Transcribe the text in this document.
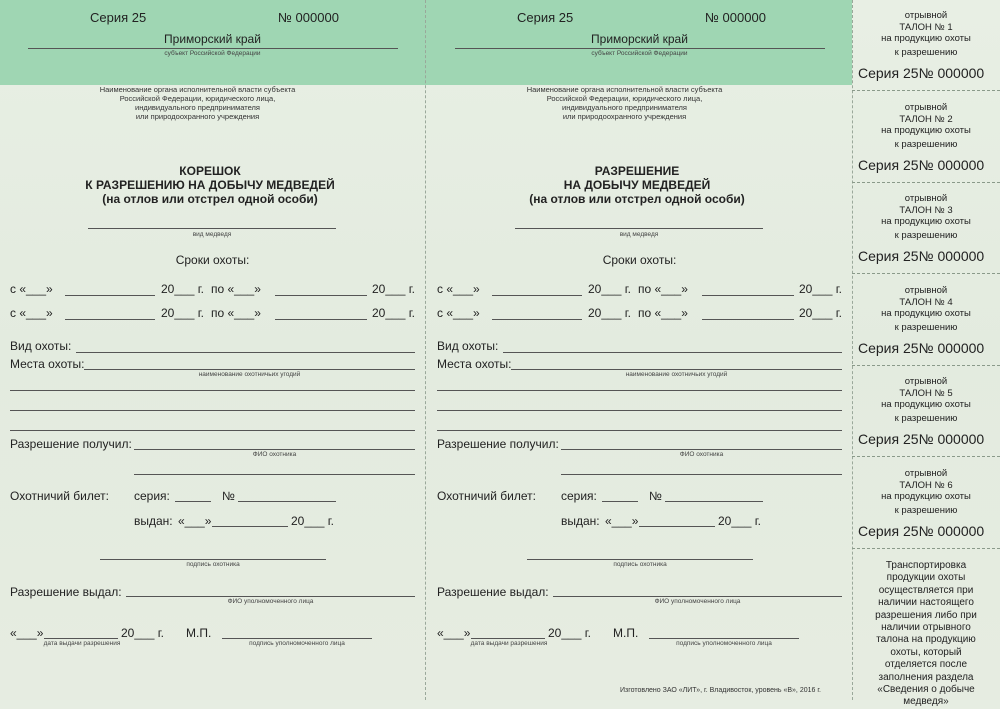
Серия 25	№ 000000
Приморский край
субъект Российской Федерации
Наименование органа исполнительной власти субъекта
Российской Федерации, юридического лица,
индивидуального предпринимателя
или природоохранного учреждения
КОРЕШОК
К РАЗРЕШЕНИЮ НА ДОБЫЧУ МЕДВЕДЕЙ
(на отлов или отстрел одной особи)
вид медведя
Сроки охоты:
с «___»	20___ г. по «___»	20___ г.
с «___»	20___ г. по «___»	20___ г.
Вид охоты:
Места охоты:
наименование охотничьих угодий
Разрешение получил:
ФИО охотника
Охотничий билет: серия:	№
выдан: «___»	20___ г.
подпись охотника
Разрешение выдал:
ФИО уполномоченного лица
«___»
дата выдачи разрешения
20___ г. М.П.
подпись уполномоченного лица
Серия 25	№ 000000
Приморский край
субъект Российской Федерации
Наименование органа исполнительной власти субъекта
Российской Федерации, юридического лица,
индивидуального предпринимателя
или природоохранного учреждения
РАЗРЕШЕНИЕ
НА ДОБЫЧУ МЕДВЕДЕЙ
(на отлов или отстрел одной особи)
вид медведя
Сроки охоты:
с «___»	20___ г. по «___»	20___ г.
с «___»	20___ г. по «___»	20___ г.
Вид охоты:
Места охоты:
наименование охотничьих угодий
Разрешение получил:
ФИО охотника
Охотничий билет: серия:	№
выдан: «___»	20___ г.
подпись охотника
Разрешение выдал:
ФИО уполномоченного лица
«___»
дата выдачи разрешения
20___ г. М.П.
подпись уполномоченного лица
отрывной
ТАЛОН № 1
на продукцию охоты
к разрешению
Серия 25№ 000000
отрывной
ТАЛОН № 2
на продукцию охоты
к разрешению
Серия 25№ 000000
отрывной
ТАЛОН № 3
на продукцию охоты
к разрешению
Серия 25№ 000000
отрывной
ТАЛОН № 4
на продукцию охоты
к разрешению
Серия 25№ 000000
отрывной
ТАЛОН № 5
на продукцию охоты
к разрешению
Серия 25№ 000000
отрывной
ТАЛОН № 6
на продукцию охоты
к разрешению
Серия 25№ 000000
Транспортировка
продукции охоты
осуществляется при
наличии настоящего
разрешения либо при
наличии отрывного
талона на продукцию
охоты, который
отделяется после
заполнения раздела
«Сведения о добыче
медведя»
Изготовлено ЗАО «ЛИТ», г. Владивосток, уровень «В», 2016 г.
